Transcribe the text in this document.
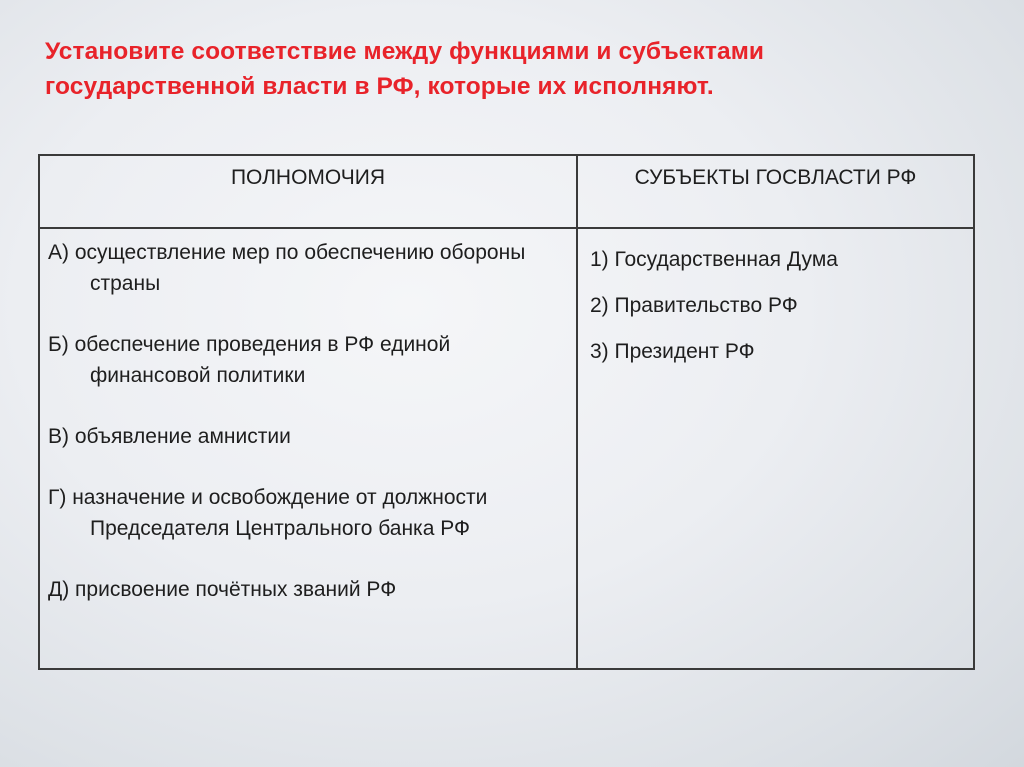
Установите соответствие между функциями и субъектами государственной власти в РФ, которые их исполняют.
ПОЛНОМОЧИЯ	СУБЪЕКТЫ ГОСВЛАСТИ РФ
А) осуществление мер по обеспечению обороны страны
Б) обеспечение проведения в РФ единой финансовой политики
В) объявление амнистии
Г) назначение и освобождение от должности Председателя Центрального банка РФ
Д) присвоение почётных званий РФ
1) Государственная Дума
2) Правительство РФ
3) Президент РФ
